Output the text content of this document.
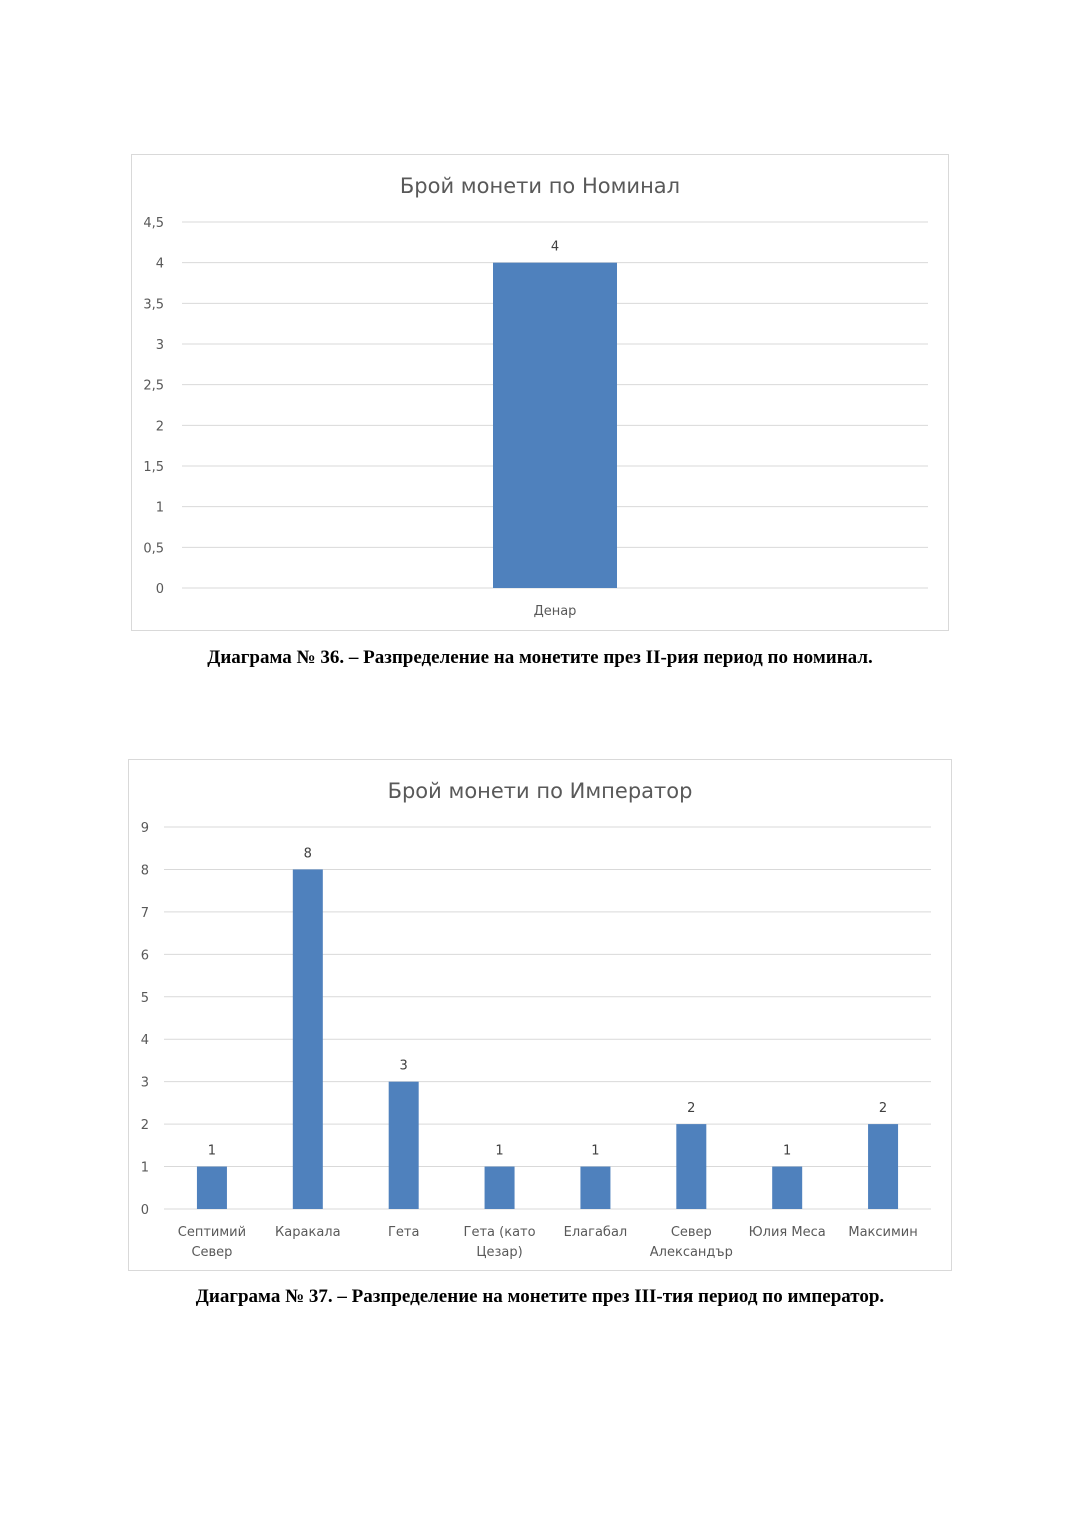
Брой монети по Номинал
0
0,5
1
1,5
2
2,5
3
3,5
4
4,5
4
Денар
Диаграма № 36. – Разпределение на монетите през II-рия период по номинал.
Брой монети по Император
0
1
2
3
4
5
6
7
8
9
1
Септимий
Север
8
Каракала
3
Гета
1
Гета (като
Цезар)
1
Елагабал
2
Север
Александър
1
Юлия Меса
2
Максимин
Диаграма № 37. – Разпределение на монетите през III-тия период по император.
